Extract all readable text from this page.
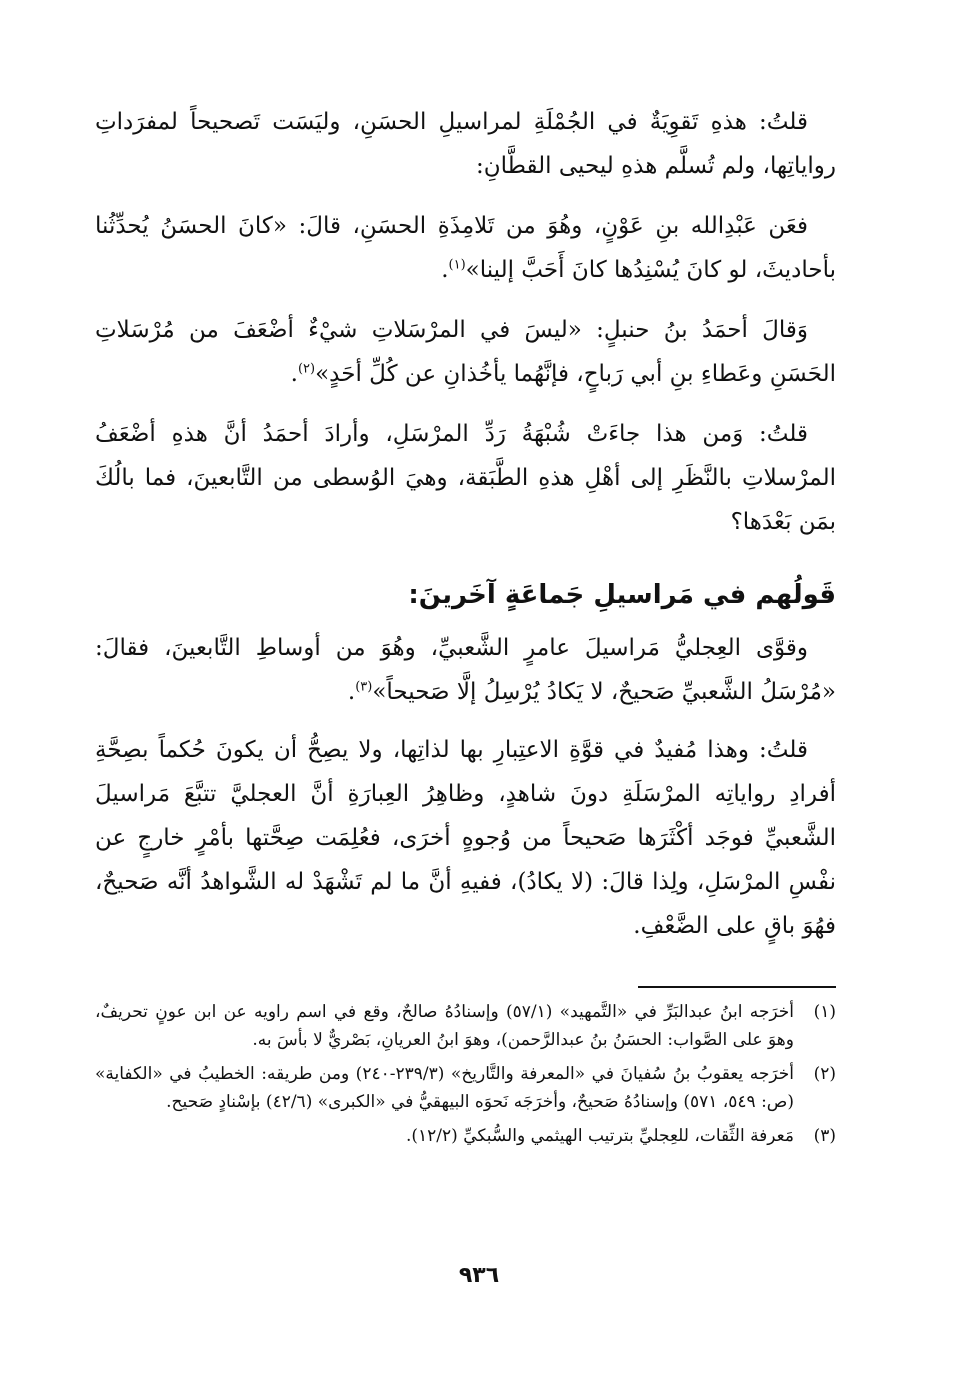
قلتُ: هذهِ تَقوِيَةٌ في الجُمْلَةِ لمراسيلِ الحسَنِ، وليَسَت تَصحيحاً لمفرَداتِ رواياتِها، ولم تُسلَّم هذهِ ليحيى القطَّانِ:

فعَن عَبْدِالله بنِ عَوْنٍ، وهُوَ من تَلامِذَةِ الحسَنِ، قالَ: «كانَ الحسَنُ يُحدِّثُنا بأحاديثَ، لو كانَ يُسْنِدُها كانَ أَحَبَّ إلينا»$^{(١)}$.

وَقالَ أحمَدُ بنُ حنبلٍ: «ليسَ في المرْسَلاتِ شيْءٌ أضْعَفَ من مُرْسَلاتِ الحَسَنِ وعَطاءِ بنِ أبي رَباحٍ، فإنَّهُما يأخُذانِ عن كُلِّ أحَدٍ»$^{(٢)}$.

قلتُ: وَمن هذا جاءَتْ شُبْهَةُ رَدِّ المرْسَلِ، وأرادَ أحمَدُ أنَّ هذهِ أضْعَفُ المرْسلاتِ بالنَّظَرِ إلى أهْلِ هذهِ الطَّبَقة، وهيَ الوُسطى من التَّابعينَ، فما بالُكَ بمَن بَعْدَها؟

قَولُهم في مَراسيلِ جَماعَةٍ آخَرينَ:

وقوَّى العِجليُّ مَراسيلَ عامرٍ الشَّعبيِّ، وهُوَ من أوساطِ التَّابعينَ، فقالَ: «مُرْسَلُ الشَّعبيِّ صَحيحٌ، لا يَكادُ يُرْسِلُ إلَّا صَحيحاً»$^{(٣)}$.

قلتُ: وهذا مُفيدٌ في قوَّةِ الاعتِبارِ بها لذاتِها، ولا يصِحُّ أن يكونَ حُكماً بصِحَّةِ أفرادِ رواياتِه المرْسَلَةِ دونَ شاهدٍ، وظاهِرُ العِبارَةِ أنَّ العجليَّ تتبَّعَ مَراسيلَ الشَّعبيِّ فوجَد أكْثَرَها صَحيحاً من وُجوهٍ أخرَى، فعُلِمَت صِحَّتها بأمْرٍ خارجٍ عن نفْسِ المرْسَلِ، ولِذا قالَ: (لا يكادُ)، ففيهِ أنَّ ما لم تَشْهَدْ له الشَّواهدُ أنَّه صَحيحٌ، فهُوَ باقٍ على الضَّعْفِ.

(١)
أخرَجه ابنُ عبدالبَرِّ في «التَّمهيد» (٥٧/١) وإسنادُهُ صالحٌ، وقع في اسم راويه عن ابن عونٍ تحريفٌ، وهوَ على الصَّواب: الحسَنُ بنُ عبدالرَّحمن)، وهوَ ابنُ العريانِ، بَصْريٌّ لا بأسَ به.
(٢)
أخرَجه يعقوبُ بنُ سُفيانَ في «المعرفة والتَّاريخ» (٢٣٩/٣-٢٤٠) ومن طريقه: الخطيبُ في «الكفاية» (ص: ٥٤٩، ٥٧١) وإسنادُهُ صَحيحٌ، وأخرَجَه نَحوَه البيهقيُّ في «الكبرى» (٤٢/٦) بإسْنادٍ صَحيح.
(٣)
مَعرفة الثِّقات، للعِجليِّ بترتيب الهيثمي والسُّبكيِّ (١٢/٢).
٩٣٦
